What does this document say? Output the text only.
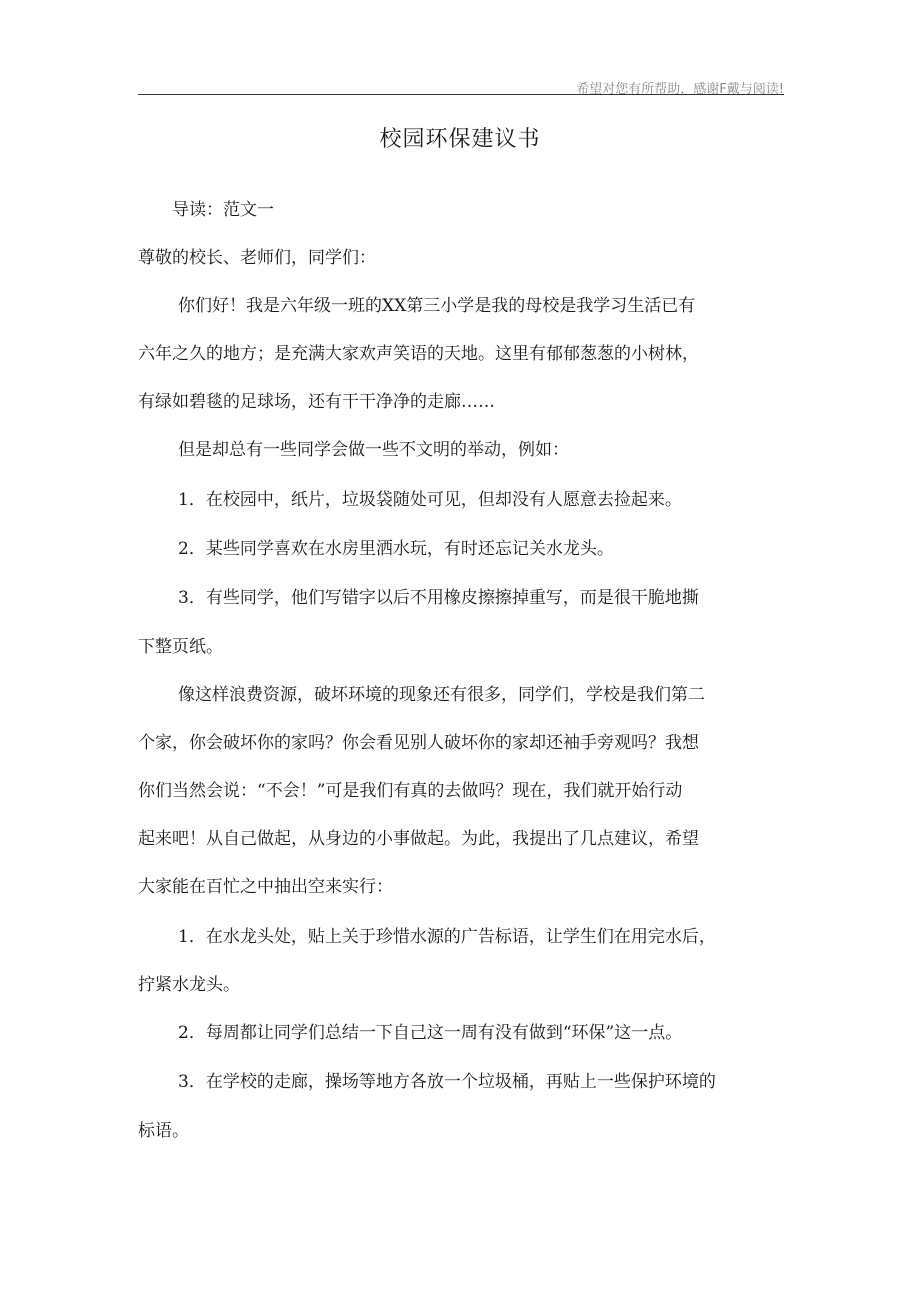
希望对您有所帮助，感谢F戴与阅读!
校园环保建议书
导读：范文一
尊敬的校长、老师们，同学们：
你们好！我是六年级一班的XX第三小学是我的母校是我学习生活已有
六年之久的地方；是充满大家欢声笑语的天地。这里有郁郁葱葱的小树林，
有绿如碧毯的足球场，还有干干净净的走廊……
但是却总有一些同学会做一些不文明的举动，例如：
1．在校园中，纸片，垃圾袋随处可见，但却没有人愿意去捡起来。
2．某些同学喜欢在水房里洒水玩，有时还忘记关水龙头。
3．有些同学，他们写错字以后不用橡皮擦擦掉重写，而是很干脆地撕
下整页纸。
像这样浪费资源，破坏环境的现象还有很多，同学们，学校是我们第二
个家，你会破坏你的家吗？你会看见别人破坏你的家却还袖手旁观吗？我想
你们当然会说：“不会！”可是我们有真的去做吗？现在，我们就开始行动
起来吧！从自己做起，从身边的小事做起。为此，我提出了几点建议，希望
大家能在百忙之中抽出空来实行：
1．在水龙头处，贴上关于珍惜水源的广告标语，让学生们在用完水后，
拧紧水龙头。
2．每周都让同学们总结一下自己这一周有没有做到“环保”这一点。
3．在学校的走廊，操场等地方各放一个垃圾桶，再贴上一些保护环境的
标语。
